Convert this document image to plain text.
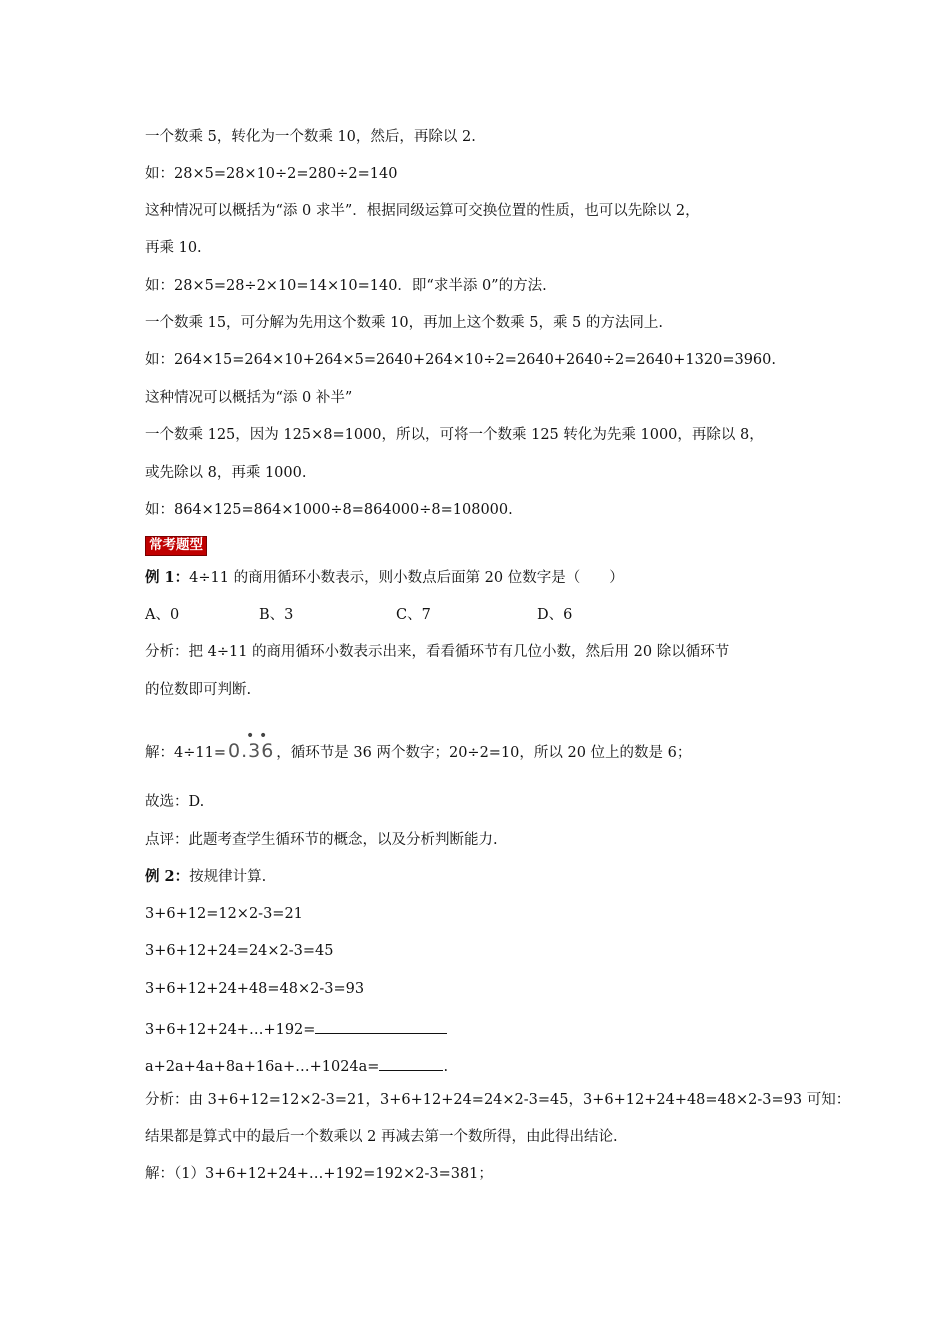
一个数乘 5，转化为一个数乘 10，然后，再除以 2.
如：28×5=28×10÷2=280÷2=140
这种情况可以概括为“添 0 求半”．根据同级运算可交换位置的性质，也可以先除以 2，
再乘 10.
如：28×5=28÷2×10=14×10=140．即“求半添 0”的方法.
一个数乘 15，可分解为先用这个数乘 10，再加上这个数乘 5，乘 5 的方法同上.
如：264×15=264×10+264×5=2640+264×10÷2=2640+2640÷2=2640+1320=3960.
这种情况可以概括为“添 0 补半”
一个数乘 125，因为 125×8=1000，所以，可将一个数乘 125 转化为先乘 1000，再除以 8，
或先除以 8，再乘 1000.
如：864×125=864×1000÷8=864000÷8=108000.
常考题型
例 1：4÷11 的商用循环小数表示，则小数点后面第 20 位数字是（　　）
A、0	B、3	C、7	D、6
分析：把 4÷11 的商用循环小数表示出来，看看循环节有几位小数，然后用 20 除以循环节
的位数即可判断.
解：4÷11=
• •
0.36 ，循环节是 36 两个数字；20÷2=10，所以 20 位上的数是 6；
故选：D.
点评：此题考查学生循环节的概念，以及分析判断能力.
例 2：按规律计算.
3+6+12=12×2-3=21
3+6+12+24=24×2-3=45
3+6+12+24+48=48×2-3=93
3+6+12+24+…+192=
a+2a+4a+8a+16a+…+1024a=	.
分析：由 3+6+12=12×2-3=21，3+6+12+24=24×2-3=45，3+6+12+24+48=48×2-3=93 可知：
结果都是算式中的最后一个数乘以 2 再减去第一个数所得，由此得出结论.
解：（1）3+6+12+24+…+192=192×2-3=381；
